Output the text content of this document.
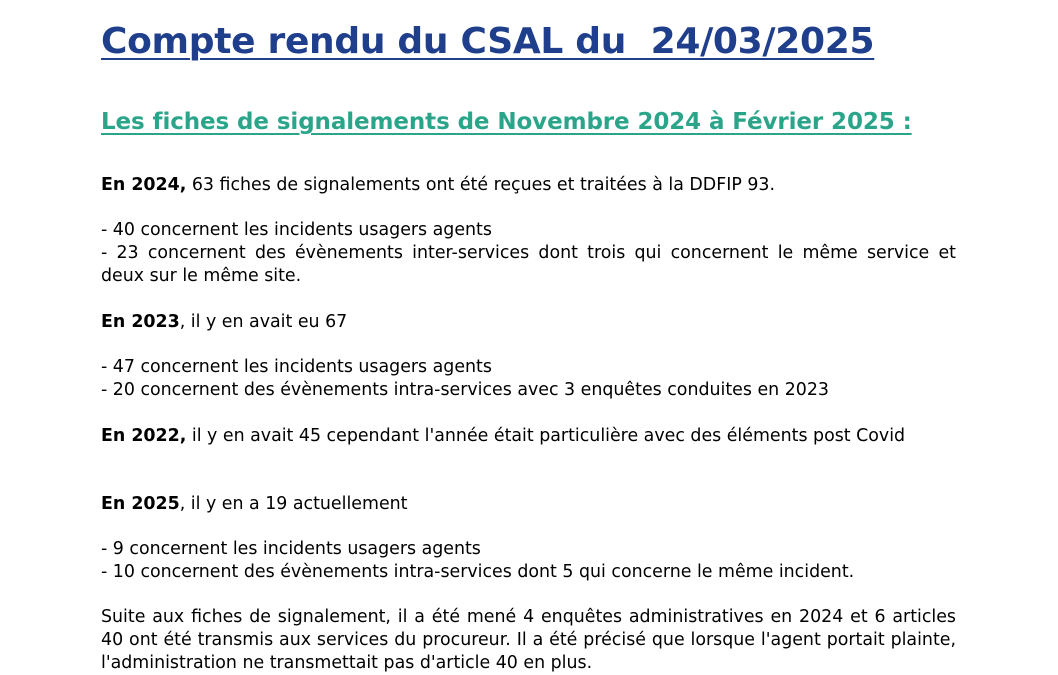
Compte rendu du CSAL du  24/03/2025
Les fiches de signalements de Novembre 2024 à Février 2025 :

En 2024, 63 fiches de signalements ont été reçues et traitées à la DDFIP 93.

- 40 concernent les incidents usagers agents
- 23 concernent des évènements inter-services dont trois qui concernent le même service et deux sur le même site.

En 2023, il y en avait eu 67

- 47 concernent les incidents usagers agents
- 20 concernent des évènements intra-services avec 3 enquêtes conduites en 2023

En 2022, il y en avait 45 cependant l'année était particulière avec des éléments post Covid

En 2025, il y en a 19 actuellement

- 9 concernent les incidents usagers agents
- 10 concernent des évènements intra-services dont 5 qui concerne le même incident.

Suite aux fiches de signalement, il a été mené 4 enquêtes administratives en 2024 et 6 articles 40 ont été transmis aux services du procureur. Il a été précisé que lorsque l'agent portait plainte, l'administration ne transmettait pas d'article 40 en plus.
